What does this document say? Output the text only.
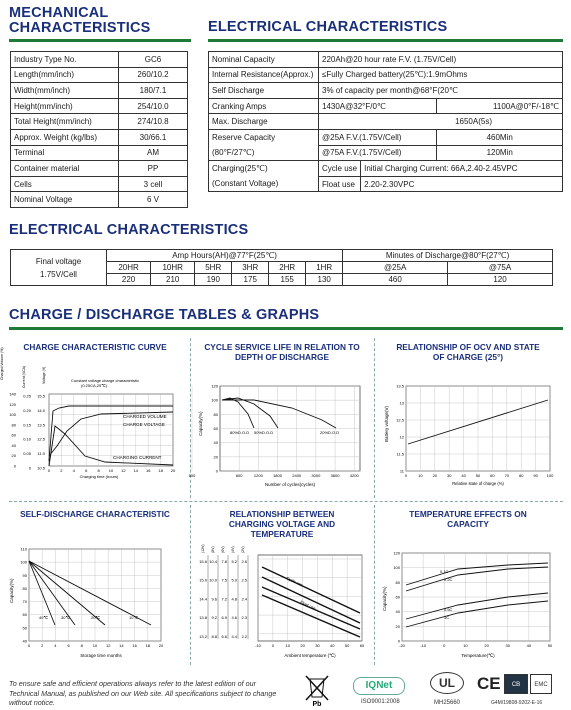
MECHANICAL
CHARACTERISTICS	ELECTRICAL CHARACTERISTICS
Industry Type No.	GC6
Length(mm/inch)	260/10.2
Width(mm/inch)	180/7.1
Height(mm/inch)	254/10.0
Total Height(mm/inch)	274/10.8
Approx. Weight (kg/lbs)	30/66.1
Terminal	AM
Container material	PP
Cells	3 cell
Nominal Voltage	6 V
Nominal Capacity	220Ah@20 hour rate F.V. (1.75V/Cell)		
Internal Resistance(Approx.)	≤Fully Charged battery(25℃):1.9mOhms		
Self Discharge	3% of capacity per month@68°F(20℃		
Cranking Amps	1430A@32°F/0℃		1100A@0°F/-18℃
Max. Discharge	1650A(5s)		
Reserve Capacity	@25A F.V.(1.75V/Cell)		460Min
(80°F/27℃)	@75A F.V.(1.75V/Cell)		120Min
Charging(25℃)	Cycle use	Initial Charging Current: 66A,2.40-2.45VPC	
(Constant Voltage)	Float use	2.20-2.30VPC	
ELECTRICAL CHARACTERISTICS
Final voltage
1.75V/Cell	Amp Hours(AH)@77°F(25℃)						Minutes of Discharge@80°F(27℃)	
	20HR	10HR	5HR	3HR	2HR	1HR	@25A	@75A
	220	210	190	175	155	130	460	120
CHARGE / DISCHARGE TABLES & GRAPHS
CHARGE CHARACTERISTIC CURVE
Charged Volume (%)	Current (XCA)	Voltage (V)	Constant voltage charge characteristic
(0.25CA,25℃)
140
120
100
80
60
40
20
0
0.25
0.20
0.15
0.10
0.05
0
15.5
14.0
13.5
12.5
11.0
10.5 0	2	4	6	8 10 12 14 16 18 20
CHARGED VOLUME
CHARGE VOLTAGE
CHARGING CURRENT
Charging time (hours)
CYCLE SERVICE LIFE IN RELATION TO DEPTH OF DISCHARGE
120
100
80
60
40
20
0
600	600	1200	1800	2400	3000	3600	4200
Capacity(%)
Number of cycles(cycles)
80%D.O.D 50%D.O.D	20%D.O.D
RELATIONSHIP OF OCV AND STATE OF CHARGE (25°)
13.5
13
12.5
12
11.5
11
0	10 20 30 40 50 60 70 80 90 100
Battery voltage(V)
Relative state of charge (%)
SELF-DISCHARGE CHARACTERISTIC
110
100
90
80
70
60
50
40
0	2	4	6	8 10 12 14 16 18 20
Capacity(%)
Storage time months
40℃	30℃	20℃	10℃
RELATIONSHIP BETWEEN CHARGING VOLTAGE AND TEMPERATURE
(12V)
15.6
15.0
14.4
13.8
13.2
(8V)
10.4
10.0
9.6
9.2
8.8
(6V)
7.8
7.5
7.2
6.9
6.6
(4V)
5.2
5.0
4.8
4.6
4.4
(2V)
2.6
2.5
2.4
2.3
2.2
-10	0	10	20	30	40	50	60
Cycle use
Float use
Ambient temperature (℃)
TEMPERATURE EFFECTS ON CAPACITY
120
100
80
60
40
20
0
-20	-10	0	10	20	30	40	50
Capacity(%)
Temperature(℃)
0.1C
0.2C
0.5C
1C
To ensure safe and efficient operations always refer to the latest edition of our Technical Manual, as published on our Web site. All specifications subject to change without notice.	Pb
IQNet
ISO9001:2008
UL
MH25660
CE	CB	EMC
G4M/19808-9202-E-16
